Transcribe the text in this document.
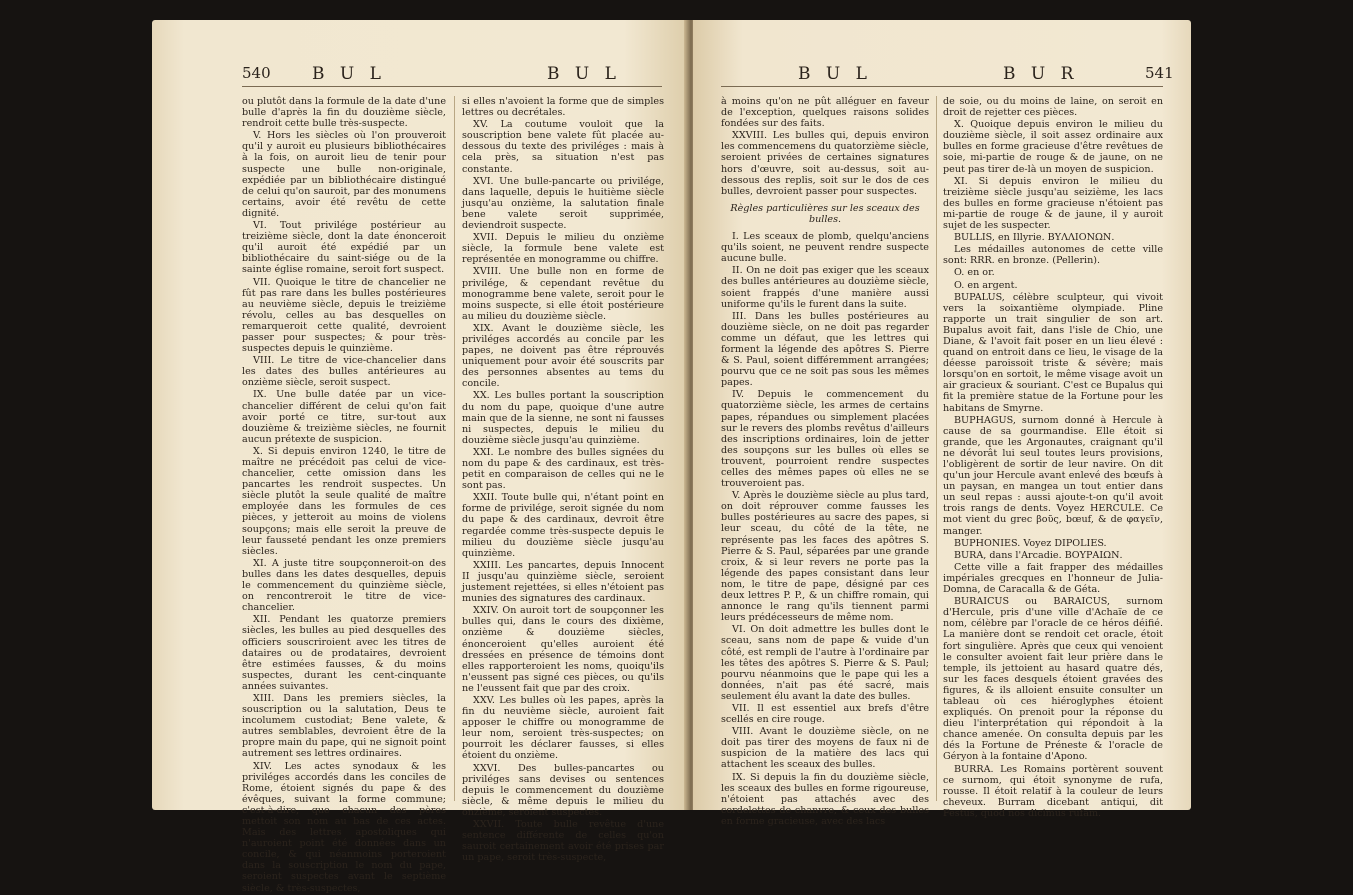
540 B U L	B U L

ou plutôt dans la formule de la date d'une bulle d'après la fin du douzième siècle, rendroit cette bulle très-suspecte.

V. Hors les siècles où l'on prouveroit qu'il y auroit eu plusieurs bibliothécaires à la fois, on auroit lieu de tenir pour suspecte une bulle non-originale, expédiée par un bibliothécaire distingué de celui qu'on sauroit, par des monumens certains, avoir été revêtu de cette dignité.

VI. Tout privilége postérieur au treizième siècle, dont la date énonceroit qu'il auroit été expédié par un bibliothécaire du saint-siége ou de la sainte église romaine, seroit fort suspect.

VII. Quoique le titre de chancelier ne fût pas rare dans les bulles postérieures au neuvième siècle, depuis le treizième révolu, celles au bas desquelles on remarqueroit cette qualité, devroient passer pour suspectes; & pour très-suspectes depuis le quinzième.

VIII. Le titre de vice-chancelier dans les dates des bulles antérieures au onzième siècle, seroit suspect.

IX. Une bulle datée par un vice-chancelier différent de celui qu'on fait avoir porté ce titre, sur-tout aux douzième & treizième siècles, ne fournit aucun prétexte de suspicion.

X. Si depuis environ 1240, le titre de maître ne précédoit pas celui de vice-chancelier, cette omission dans les pancartes les rendroit suspectes. Un siècle plutôt la seule qualité de maître employée dans les formules de ces pièces, y jetteroit au moins de violens soupçons; mais elle seroit la preuve de leur fausseté pendant les onze premiers siècles.

XI. A juste titre soupçonneroit-on des bulles dans les dates desquelles, depuis le commencement du quinzième siècle, on rencontreroit le titre de vice-chancelier.

XII. Pendant les quatorze premiers siècles, les bulles au pied desquelles des officiers souscriroient avec les titres de dataires ou de prodataires, devroient être estimées fausses, & du moins suspectes, durant les cent-cinquante années suivantes.

XIII. Dans les premiers siècles, la souscription ou la salutation, Deus te incolumem custodiat; Bene valete, & autres semblables, devroient être de la propre main du pape, qui ne signoit point autrement ses lettres ordinaires.

XIV. Les actes synodaux & les priviléges accordés dans les conciles de Rome, étoient signés du pape & des évêques, suivant la forme commune; c'est-à-dire, que chacun des pères mettoit son nom au bas de ces actes. Mais des lettres apostoliques qui n'auroient point été données dans un concile, & qui néanmoins porteroient dans la souscription le nom du pape, seroient suspectes avant le septième siècle, & très-suspectes,

si elles n'avoient la forme que de simples lettres ou decrétales.

XV. La coutume vouloit que la souscription bene valete fût placée au-dessous du texte des priviléges : mais à cela près, sa situation n'est pas constante.

XVI. Une bulle-pancarte ou privilége, dans laquelle, depuis le huitième siècle jusqu'au onzième, la salutation finale bene valete seroit supprimée, deviendroit suspecte.

XVII. Depuis le milieu du onzième siècle, la formule bene valete est représentée en monogramme ou chiffre.

XVIII. Une bulle non en forme de privilége, & cependant revêtue du monogramme bene valete, seroit pour le moins suspecte, si elle étoit postérieure au milieu du douzième siècle.

XIX. Avant le douzième siècle, les priviléges accordés au concile par les papes, ne doivent pas être réprouvés uniquement pour avoir été souscrits par des personnes absentes au tems du concile.

XX. Les bulles portant la souscription du nom du pape, quoique d'une autre main que de la sienne, ne sont ni fausses ni suspectes, depuis le milieu du douzième siècle jusqu'au quinzième.

XXI. Le nombre des bulles signées du nom du pape & des cardinaux, est très-petit en comparaison de celles qui ne le sont pas.

XXII. Toute bulle qui, n'étant point en forme de privilége, seroit signée du nom du pape & des cardinaux, devroit être regardée comme très-suspecte depuis le milieu du douzième siècle jusqu'au quinzième.

XXIII. Les pancartes, depuis Innocent II jusqu'au quinzième siècle, seroient justement rejettées, si elles n'étoient pas munies des signatures des cardinaux.

XXIV. On auroit tort de soupçonner les bulles qui, dans le cours des dixième, onzième & douzième siècles, énonceroient qu'elles auroient été dressées en présence de témoins dont elles rapporteroient les noms, quoiqu'ils n'eussent pas signé ces pièces, ou qu'ils ne l'eussent fait que par des croix.

XXV. Les bulles où les papes, après la fin du neuvième siècle, auroient fait apposer le chiffre ou monogramme de leur nom, seroient très-suspectes; on pourroit les déclarer fausses, si elles étoient du onzième.

XXVI. Des bulles-pancartes ou priviléges sans devises ou sentences depuis le commencement du douzième siècle, & même depuis le milieu du onzième, seroient suspectes.

XXVII. Toute bulle revêtue d'une sentence différente de celles qu'on sauroit certainement avoir été prises par un pape, seroit très-suspecte,

B U L	B U R	541

à moins qu'on ne pût alléguer en faveur de l'exception, quelques raisons solides fondées sur des faits.

XXVIII. Les bulles qui, depuis environ les commencemens du quatorzième siècle, seroient privées de certaines signatures hors d'œuvre, soit au-dessus, soit au-dessous des replis, soit sur le dos de ces bulles, devroient passer pour suspectes.

Règles particulières sur les sceaux des bulles.

I. Les sceaux de plomb, quelqu'anciens qu'ils soient, ne peuvent rendre suspecte aucune bulle.

II. On ne doit pas exiger que les sceaux des bulles antérieures au douzième siècle, soient frappés d'une manière aussi uniforme qu'ils le furent dans la suite.

III. Dans les bulles postérieures au douzième siècle, on ne doit pas regarder comme un défaut, que les lettres qui forment la légende des apôtres S. Pierre & S. Paul, soient différemment arrangées; pourvu que ce ne soit pas sous les mêmes papes.

IV. Depuis le commencement du quatorzième siècle, les armes de certains papes, répandues ou simplement placées sur le revers des plombs revêtus d'ailleurs des inscriptions ordinaires, loin de jetter des soupçons sur les bulles où elles se trouvent, pourroient rendre suspectes celles des mêmes papes où elles ne se trouveroient pas.

V. Après le douzième siècle au plus tard, on doit réprouver comme fausses les bulles postérieures au sacre des papes, si leur sceau, du côté de la tête, ne représente pas les faces des apôtres S. Pierre & S. Paul, séparées par une grande croix, & si leur revers ne porte pas la légende des papes consistant dans leur nom, le titre de pape, désigné par ces deux lettres P. P., & un chiffre romain, qui annonce le rang qu'ils tiennent parmi leurs prédécesseurs de même nom.

VI. On doit admettre les bulles dont le sceau, sans nom de pape & vuide d'un côté, est rempli de l'autre à l'ordinaire par les têtes des apôtres S. Pierre & S. Paul; pourvu néanmoins que le pape qui les a données, n'ait pas été sacré, mais seulement élu avant la date des bulles.

VII. Il est essentiel aux brefs d'être scellés en cire rouge.

VIII. Avant le douzième siècle, on ne doit pas tirer des moyens de faux ni de suspicion de la matière des lacs qui attachent les sceaux des bulles.

IX. Si depuis la fin du douzième siècle, les sceaux des bulles en forme rigoureuse, n'étoient pas attachés avec des cordelettes de chanvre, & ceux des bulles en forme gracieuse, avec des lacs

de soie, ou du moins de laine, on seroit en droit de rejetter ces pièces.

X. Quoique depuis environ le milieu du douzième siècle, il soit assez ordinaire aux bulles en forme gracieuse d'être revêtues de soie, mi-partie de rouge & de jaune, on ne peut pas tirer de-là un moyen de suspicion.

XI. Si depuis environ le milieu du treizième siècle jusqu'au seizième, les lacs des bulles en forme gracieuse n'étoient pas mi-partie de rouge & de jaune, il y auroit sujet de les suspecter.

BULLIS, en Illyrie. ΒΥΛΛΙΟΝΩΝ.

Les médailles autonomes de cette ville sont: RRR. en bronze. (Pellerin).

O. en or.

O. en argent.

BUPALUS, célèbre sculpteur, qui vivoit vers la soixantième olympiade. Pline rapporte un trait singulier de son art. Bupalus avoit fait, dans l'isle de Chio, une Diane, & l'avoit fait poser en un lieu élevé : quand on entroit dans ce lieu, le visage de la déesse paroissoit triste & sévère; mais lorsqu'on en sortoit, le même visage avoit un air gracieux & souriant. C'est ce Bupalus qui fit la première statue de la Fortune pour les habitans de Smyrne.

BUPHAGUS, surnom donné à Hercule à cause de sa gourmandise. Elle étoit si grande, que les Argonautes, craignant qu'il ne dévorât lui seul toutes leurs provisions, l'obligèrent de sortir de leur navire. On dit qu'un jour Hercule avant enlevé des bœufs à un paysan, en mangea un tout entier dans un seul repas : aussi ajoute-t-on qu'il avoit trois rangs de dents. Voyez HERCULE. Ce mot vient du grec βοῦς, bœuf, & de φαγεῖν, manger.

BUPHONIES. Voyez DIPOLIES.

BURA, dans l'Arcadie. ΒΟΥΡΑΙΩΝ.

Cette ville a fait frapper des médailles impériales grecques en l'honneur de Julia-Domna, de Caracalla & de Géta.

BURAICUS ou BARAICUS, surnom d'Hercule, pris d'une ville d'Achaïe de ce nom, célèbre par l'oracle de ce héros déifié. La manière dont se rendoit cet oracle, étoit fort singulière. Après que ceux qui venoient le consulter avoient fait leur prière dans le temple, ils jettoient au hasard quatre dés, sur les faces desquels étoient gravées des figures, & ils alloient ensuite consulter un tableau où ces hiéroglyphes étoient expliqués. On prenoit pour la réponse du dieu l'interprétation qui répondoit à la chance amenée. On consulta depuis par les dés la Fortune de Préneste & l'oracle de Géryon à la fontaine d'Apono.

BURRA. Les Romains portèrent souvent ce surnom, qui étoit synonyme de rufa, rousse. Il étoit relatif à la couleur de leurs cheveux. Burram dicebant antiqui, dit Festus, quod nos dicimus rufam.
